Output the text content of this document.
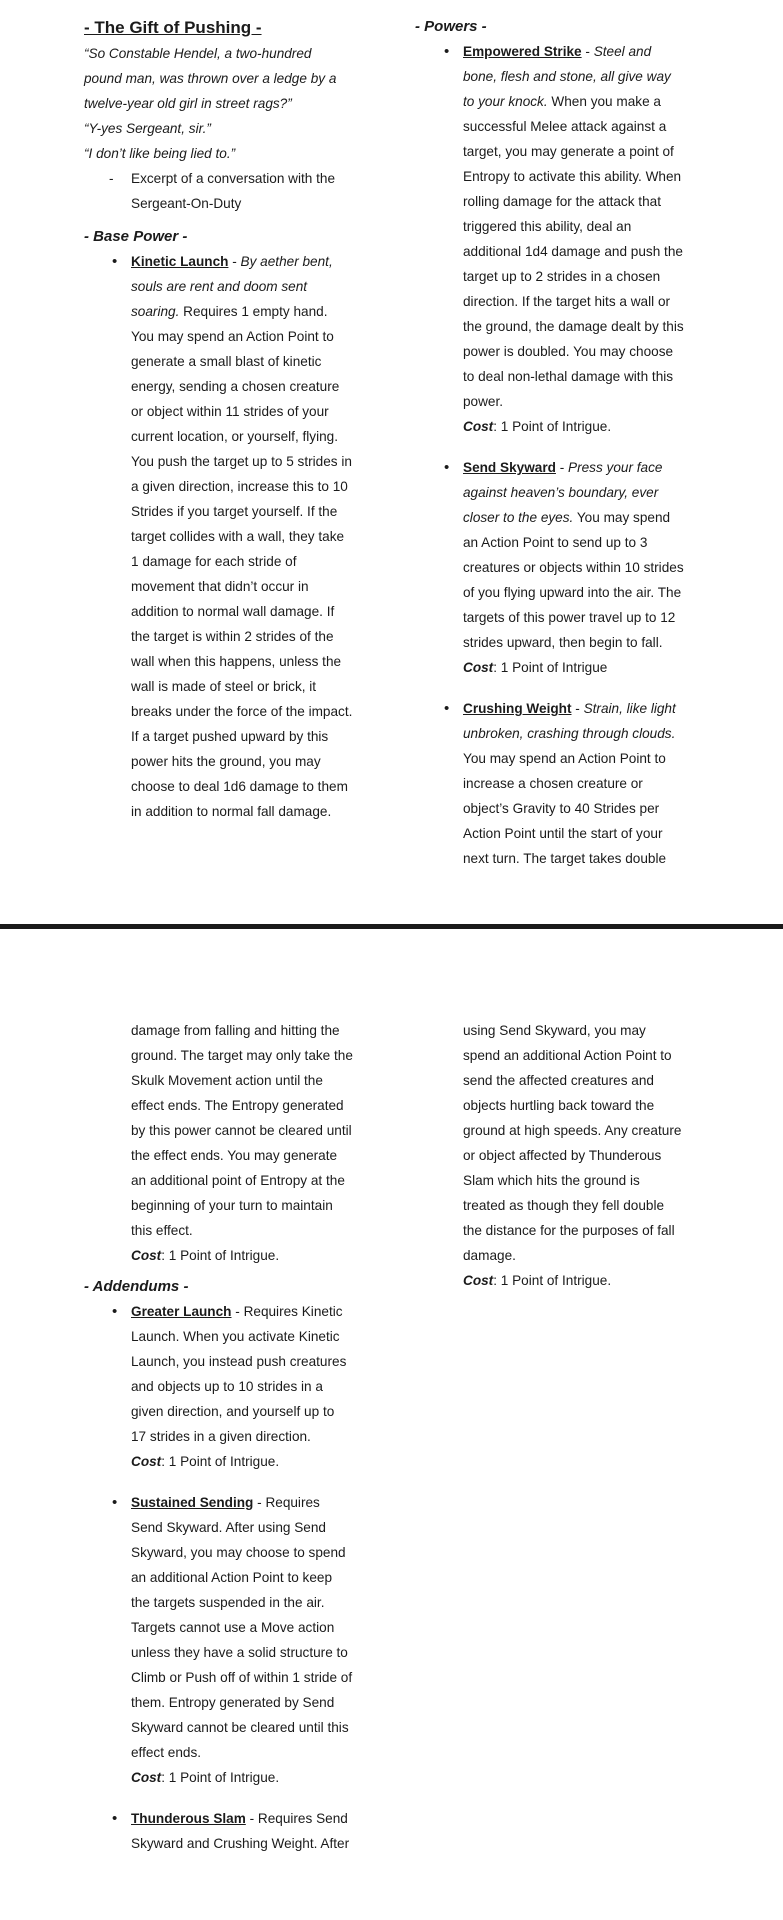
- The Gift of Pushing -
“So Constable Hendel, a two-hundred
pound man, was thrown over a ledge by a
twelve-year old girl in street rags?”
“Y-yes Sergeant, sir.”
“I don’t like being lied to.”
- Excerpt of a conversation with the
Sergeant-On-Duty
- Base Power -
• Kinetic Launch - By aether bent,
souls are rent and doom sent
soaring. Requires 1 empty hand.
You may spend an Action Point to
generate a small blast of kinetic
energy, sending a chosen creature
or object within 11 strides of your
current location, or yourself, flying.
You push the target up to 5 strides in
a given direction, increase this to 10
Strides if you target yourself. If the
target collides with a wall, they take
1 damage for each stride of
movement that didn’t occur in
addition to normal wall damage. If
the target is within 2 strides of the
wall when this happens, unless the
wall is made of steel or brick, it
breaks under the force of the impact.
If a target pushed upward by this
power hits the ground, you may
choose to deal 1d6 damage to them
in addition to normal fall damage.
- Powers -
• Empowered Strike - Steel and
bone, flesh and stone, all give way
to your knock. When you make a
successful Melee attack against a
target, you may generate a point of
Entropy to activate this ability. When
rolling damage for the attack that
triggered this ability, deal an
additional 1d4 damage and push the
target up to 2 strides in a chosen
direction. If the target hits a wall or
the ground, the damage dealt by this
power is doubled. You may choose
to deal non-lethal damage with this
power.
Cost: 1 Point of Intrigue.
• Send Skyward - Press your face
against heaven’s boundary, ever
closer to the eyes. You may spend
an Action Point to send up to 3
creatures or objects within 10 strides
of you flying upward into the air. The
targets of this power travel up to 12
strides upward, then begin to fall.
Cost: 1 Point of Intrigue
• Crushing Weight - Strain, like light
unbroken, crashing through clouds.
You may spend an Action Point to
increase a chosen creature or
object’s Gravity to 40 Strides per
Action Point until the start of your
next turn. The target takes double
damage from falling and hitting the
ground. The target may only take the
Skulk Movement action until the
effect ends. The Entropy generated
by this power cannot be cleared until
the effect ends. You may generate
an additional point of Entropy at the
beginning of your turn to maintain
this effect.
Cost: 1 Point of Intrigue.
- Addendums -
• Greater Launch - Requires Kinetic
Launch. When you activate Kinetic
Launch, you instead push creatures
and objects up to 10 strides in a
given direction, and yourself up to
17 strides in a given direction.
Cost: 1 Point of Intrigue.
• Sustained Sending - Requires
Send Skyward. After using Send
Skyward, you may choose to spend
an additional Action Point to keep
the targets suspended in the air.
Targets cannot use a Move action
unless they have a solid structure to
Climb or Push off of within 1 stride of
them. Entropy generated by Send
Skyward cannot be cleared until this
effect ends.
Cost: 1 Point of Intrigue.
• Thunderous Slam - Requires Send
Skyward and Crushing Weight. After
using Send Skyward, you may
spend an additional Action Point to
send the affected creatures and
objects hurtling back toward the
ground at high speeds. Any creature
or object affected by Thunderous
Slam which hits the ground is
treated as though they fell double
the distance for the purposes of fall
damage.
Cost: 1 Point of Intrigue.
